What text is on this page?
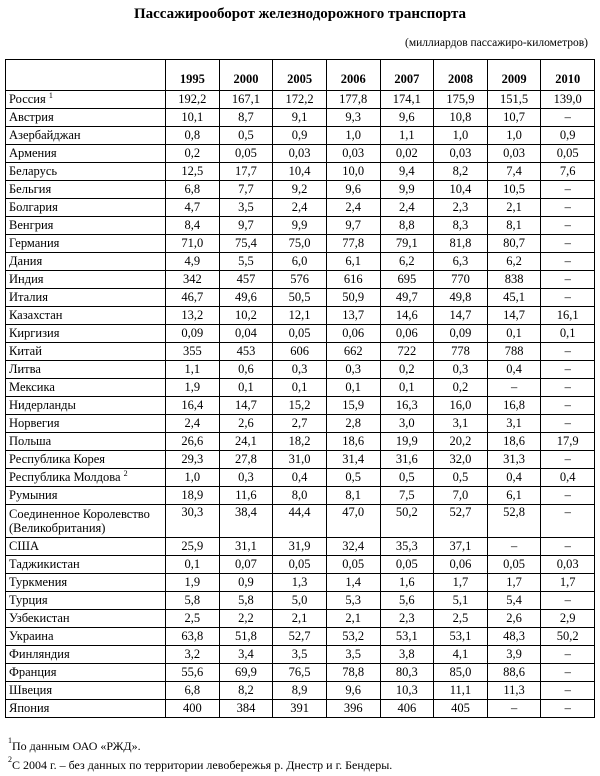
Пассажирооборот железнодорожного транспорта
(миллиардов пассажиро-километров)
	1995	2000	2005	2006	2007	2008	2009	2010
Россия $^1$	192,2	167,1	172,2	177,8	174,1	175,9	151,5	139,0
Австрия	10,1	8,7	9,1	9,3	9,6	10,8	10,7	–
Азербайджан	0,8	0,5	0,9	1,0	1,1	1,0	1,0	0,9
Армения	0,2	0,05	0,03	0,03	0,02	0,03	0,03	0,05
Беларусь	12,5	17,7	10,4	10,0	9,4	8,2	7,4	7,6
Бельгия	6,8	7,7	9,2	9,6	9,9	10,4	10,5	–
Болгария	4,7	3,5	2,4	2,4	2,4	2,3	2,1	–
Венгрия	8,4	9,7	9,9	9,7	8,8	8,3	8,1	–
Германия	71,0	75,4	75,0	77,8	79,1	81,8	80,7	–
Дания	4,9	5,5	6,0	6,1	6,2	6,3	6,2	–
Индия	342	457	576	616	695	770	838	–
Италия	46,7	49,6	50,5	50,9	49,7	49,8	45,1	–
Казахстан	13,2	10,2	12,1	13,7	14,6	14,7	14,7	16,1
Киргизия	0,09	0,04	0,05	0,06	0,06	0,09	0,1	0,1
Китай	355	453	606	662	722	778	788	–
Литва	1,1	0,6	0,3	0,3	0,2	0,3	0,4	–
Мексика	1,9	0,1	0,1	0,1	0,1	0,2	–	–
Нидерланды	16,4	14,7	15,2	15,9	16,3	16,0	16,8	–
Норвегия	2,4	2,6	2,7	2,8	3,0	3,1	3,1	–
Польша	26,6	24,1	18,2	18,6	19,9	20,2	18,6	17,9
Республика Корея	29,3	27,8	31,0	31,4	31,6	32,0	31,3	–
Республика Молдова $^2$	1,0	0,3	0,4	0,5	0,5	0,5	0,4	0,4
Румыния	18,9	11,6	8,0	8,1	7,5	7,0	6,1	–
Соединенное Королевство (Великобритания)	30,3	38,4	44,4	47,0	50,2	52,7	52,8	–
США	25,9	31,1	31,9	32,4	35,3	37,1	–	–
Таджикистан	0,1	0,07	0,05	0,05	0,05	0,06	0,05	0,03
Туркмения	1,9	0,9	1,3	1,4	1,6	1,7	1,7	1,7
Турция	5,8	5,8	5,0	5,3	5,6	5,1	5,4	–
Узбекистан	2,5	2,2	2,1	2,1	2,3	2,5	2,6	2,9
Украина	63,8	51,8	52,7	53,2	53,1	53,1	48,3	50,2
Финляндия	3,2	3,4	3,5	3,5	3,8	4,1	3,9	–
Франция	55,6	69,9	76,5	78,8	80,3	85,0	88,6	–
Швеция	6,8	8,2	8,9	9,6	10,3	11,1	11,3	–
Япония	400	384	391	396	406	405	–	–
$^1$По данным ОАО «РЖД».
$^2$С 2004 г. – без данных по территории левобережья р. Днестр и г. Бендеры.
